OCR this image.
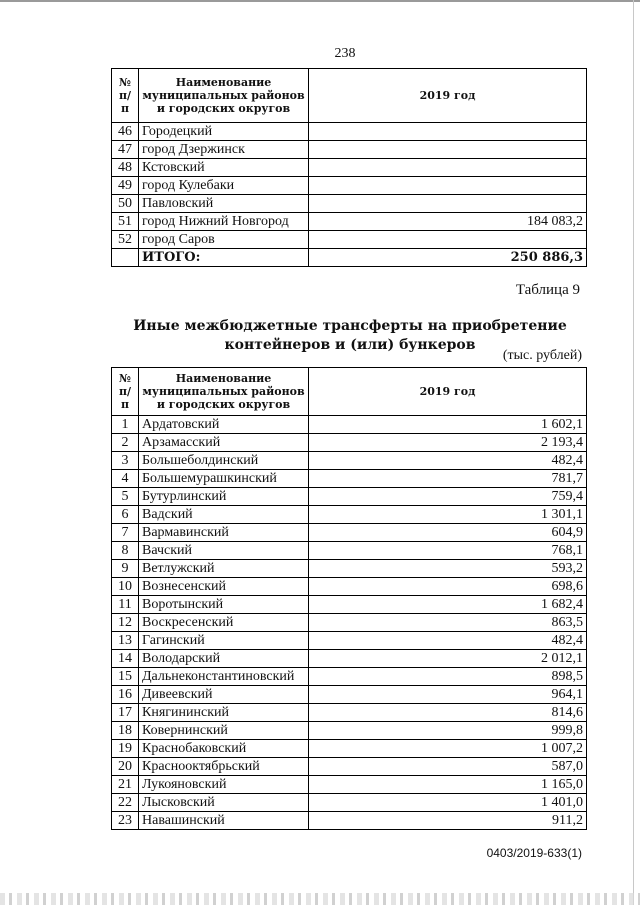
238
№ п/п	Наименование муниципальных районов и городских округов	2019 год
46	Городецкий	
47	город Дзержинск	
48	Кстовский	
49	город Кулебаки	
50	Павловский	
51	город Нижний Новгород	184 083,2
52	город Саров	
	ИТОГО:	250 886,3
Таблица 9
Иные межбюджетные трансферты на приобретение контейнеров и (или) бункеров
(тыс. рублей)
№ п/п	Наименование муниципальных районов и городских округов	2019 год
1	Ардатовский	1 602,1
2	Арзамасский	2 193,4
3	Большеболдинский	482,4
4	Большемурашкинский	781,7
5	Бутурлинский	759,4
6	Вадский	1 301,1
7	Вармавинский	604,9
8	Вачский	768,1
9	Ветлужский	593,2
10	Вознесенский	698,6
11	Воротынский	1 682,4
12	Воскресенский	863,5
13	Гагинский	482,4
14	Володарский	2 012,1
15	Дальнеконстантиновский	898,5
16	Дивеевский	964,1
17	Княгининский	814,6
18	Ковернинский	999,8
19	Краснобаковский	1 007,2
20	Краснооктябрьский	587,0
21	Лукояновский	1 165,0
22	Лысковский	1 401,0
23	Навашинский	911,2
0403/2019-633(1)
